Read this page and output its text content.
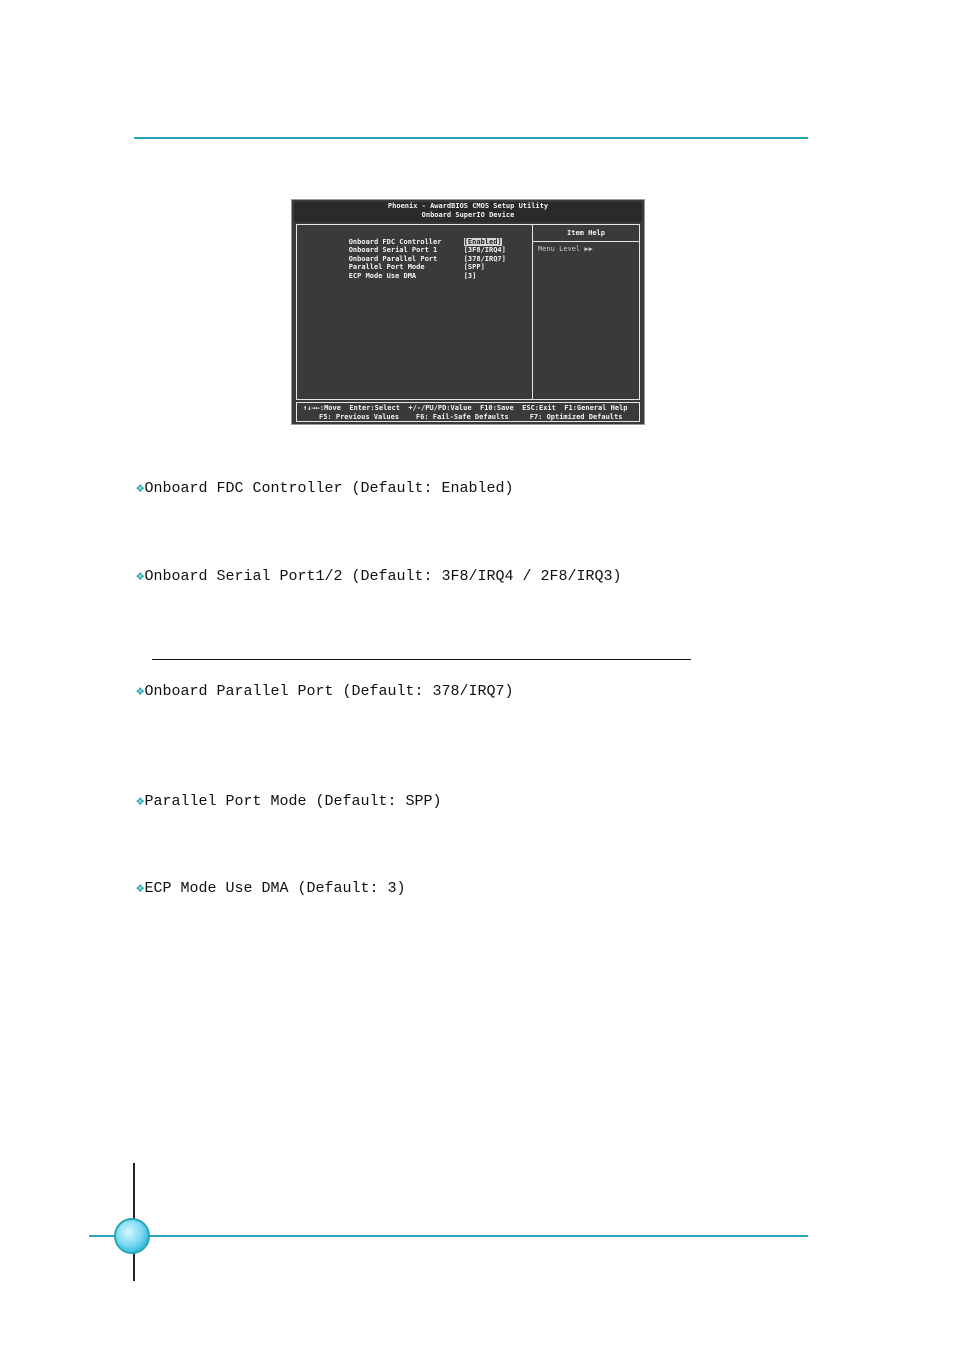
Phoenix - AwardBIOS CMOS Setup Utility
Onboard SuperIO Device

Onboard FDC Controller	[Enabled]

Onboard Serial Port 1	[3F8/IRQ4]

Onboard Parallel Port	[378/IRQ7]

Parallel Port Mode	[SPP]

ECP Mode Use DMA	[3]

Item Help
Menu Level ▶▶
↑↓→←:Move  Enter:Select  +/-/PU/PD:Value  F10:Save  ESC:Exit  F1:General Help
F5: Previous Values    F6: Fail-Safe Defaults     F7: Optimized Defaults
❖Onboard FDC Controller (Default: Enabled)
❖Onboard Serial Port1/2 (Default: 3F8/IRQ4 / 2F8/IRQ3)
❖Onboard Parallel Port (Default: 378/IRQ7)
❖Parallel Port Mode (Default: SPP)
❖ECP Mode Use DMA (Default: 3)
